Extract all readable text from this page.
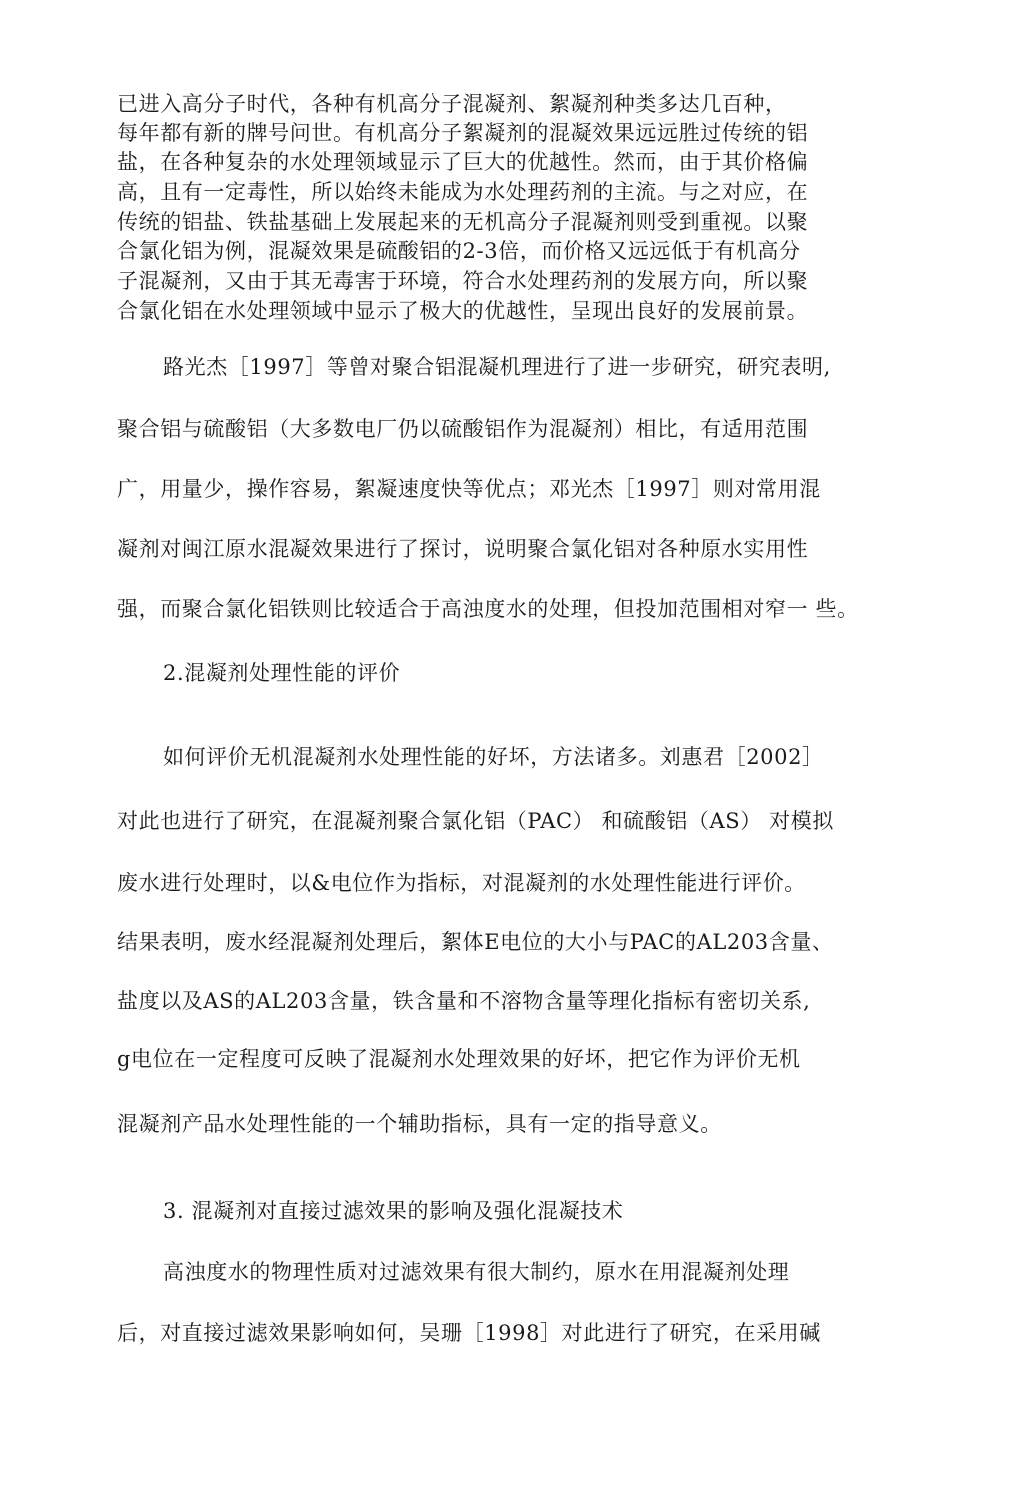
已进入高分子时代，各种有机高分子混凝剂、絮凝剂种类多达几百种，

每年都有新的牌号问世。有机高分子絮凝剂的混凝效果远远胜过传统的铝

盐，在各种复杂的水处理领域显示了巨大的优越性。然而，由于其价格偏

高，且有一定毒性，所以始终未能成为水处理药剂的主流。与之对应，在

传统的铝盐、铁盐基础上发展起来的无机高分子混凝剂则受到重视。以聚

合氯化铝为例，混凝效果是硫酸铝的2-3倍，而价格又远远低于有机高分

子混凝剂，又由于其无毒害于环境，符合水处理药剂的发展方向，所以聚

合氯化铝在水处理领域中显示了极大的优越性，呈现出良好的发展前景。

路光杰［1997］等曾对聚合铝混凝机理进行了进一步研究，研究表明,

聚合铝与硫酸铝（大多数电厂仍以硫酸铝作为混凝剂）相比，有适用范围

广，用量少，操作容易，絮凝速度快等优点；邓光杰［1997］则对常用混

凝剂对闽江原水混凝效果进行了探讨，说明聚合氯化铝对各种原水实用性

强，而聚合氯化铝铁则比较适合于高浊度水的处理，但投加范围相对窄一 些。

2.混凝剂处理性能的评价

如何评价无机混凝剂水处理性能的好坏，方法诸多。刘惠君［2002］

对此也进行了研究，在混凝剂聚合氯化铝（PAC） 和硫酸铝（AS） 对模拟

废水进行处理时，以&电位作为指标，对混凝剂的水处理性能进行评价。

结果表明，废水经混凝剂处理后，絮体E电位的大小与PAC的AL203含量、

盐度以及AS的AL203含量，铁含量和不溶物含量等理化指标有密切关系,

g电位在一定程度可反映了混凝剂水处理效果的好坏，把它作为评价无机

混凝剂产品水处理性能的一个辅助指标，具有一定的指导意义。

3. 混凝剂对直接过滤效果的影响及强化混凝技术

高浊度水的物理性质对过滤效果有很大制约，原水在用混凝剂处理

后，对直接过滤效果影响如何，吴珊［1998］对此进行了研究，在采用碱
